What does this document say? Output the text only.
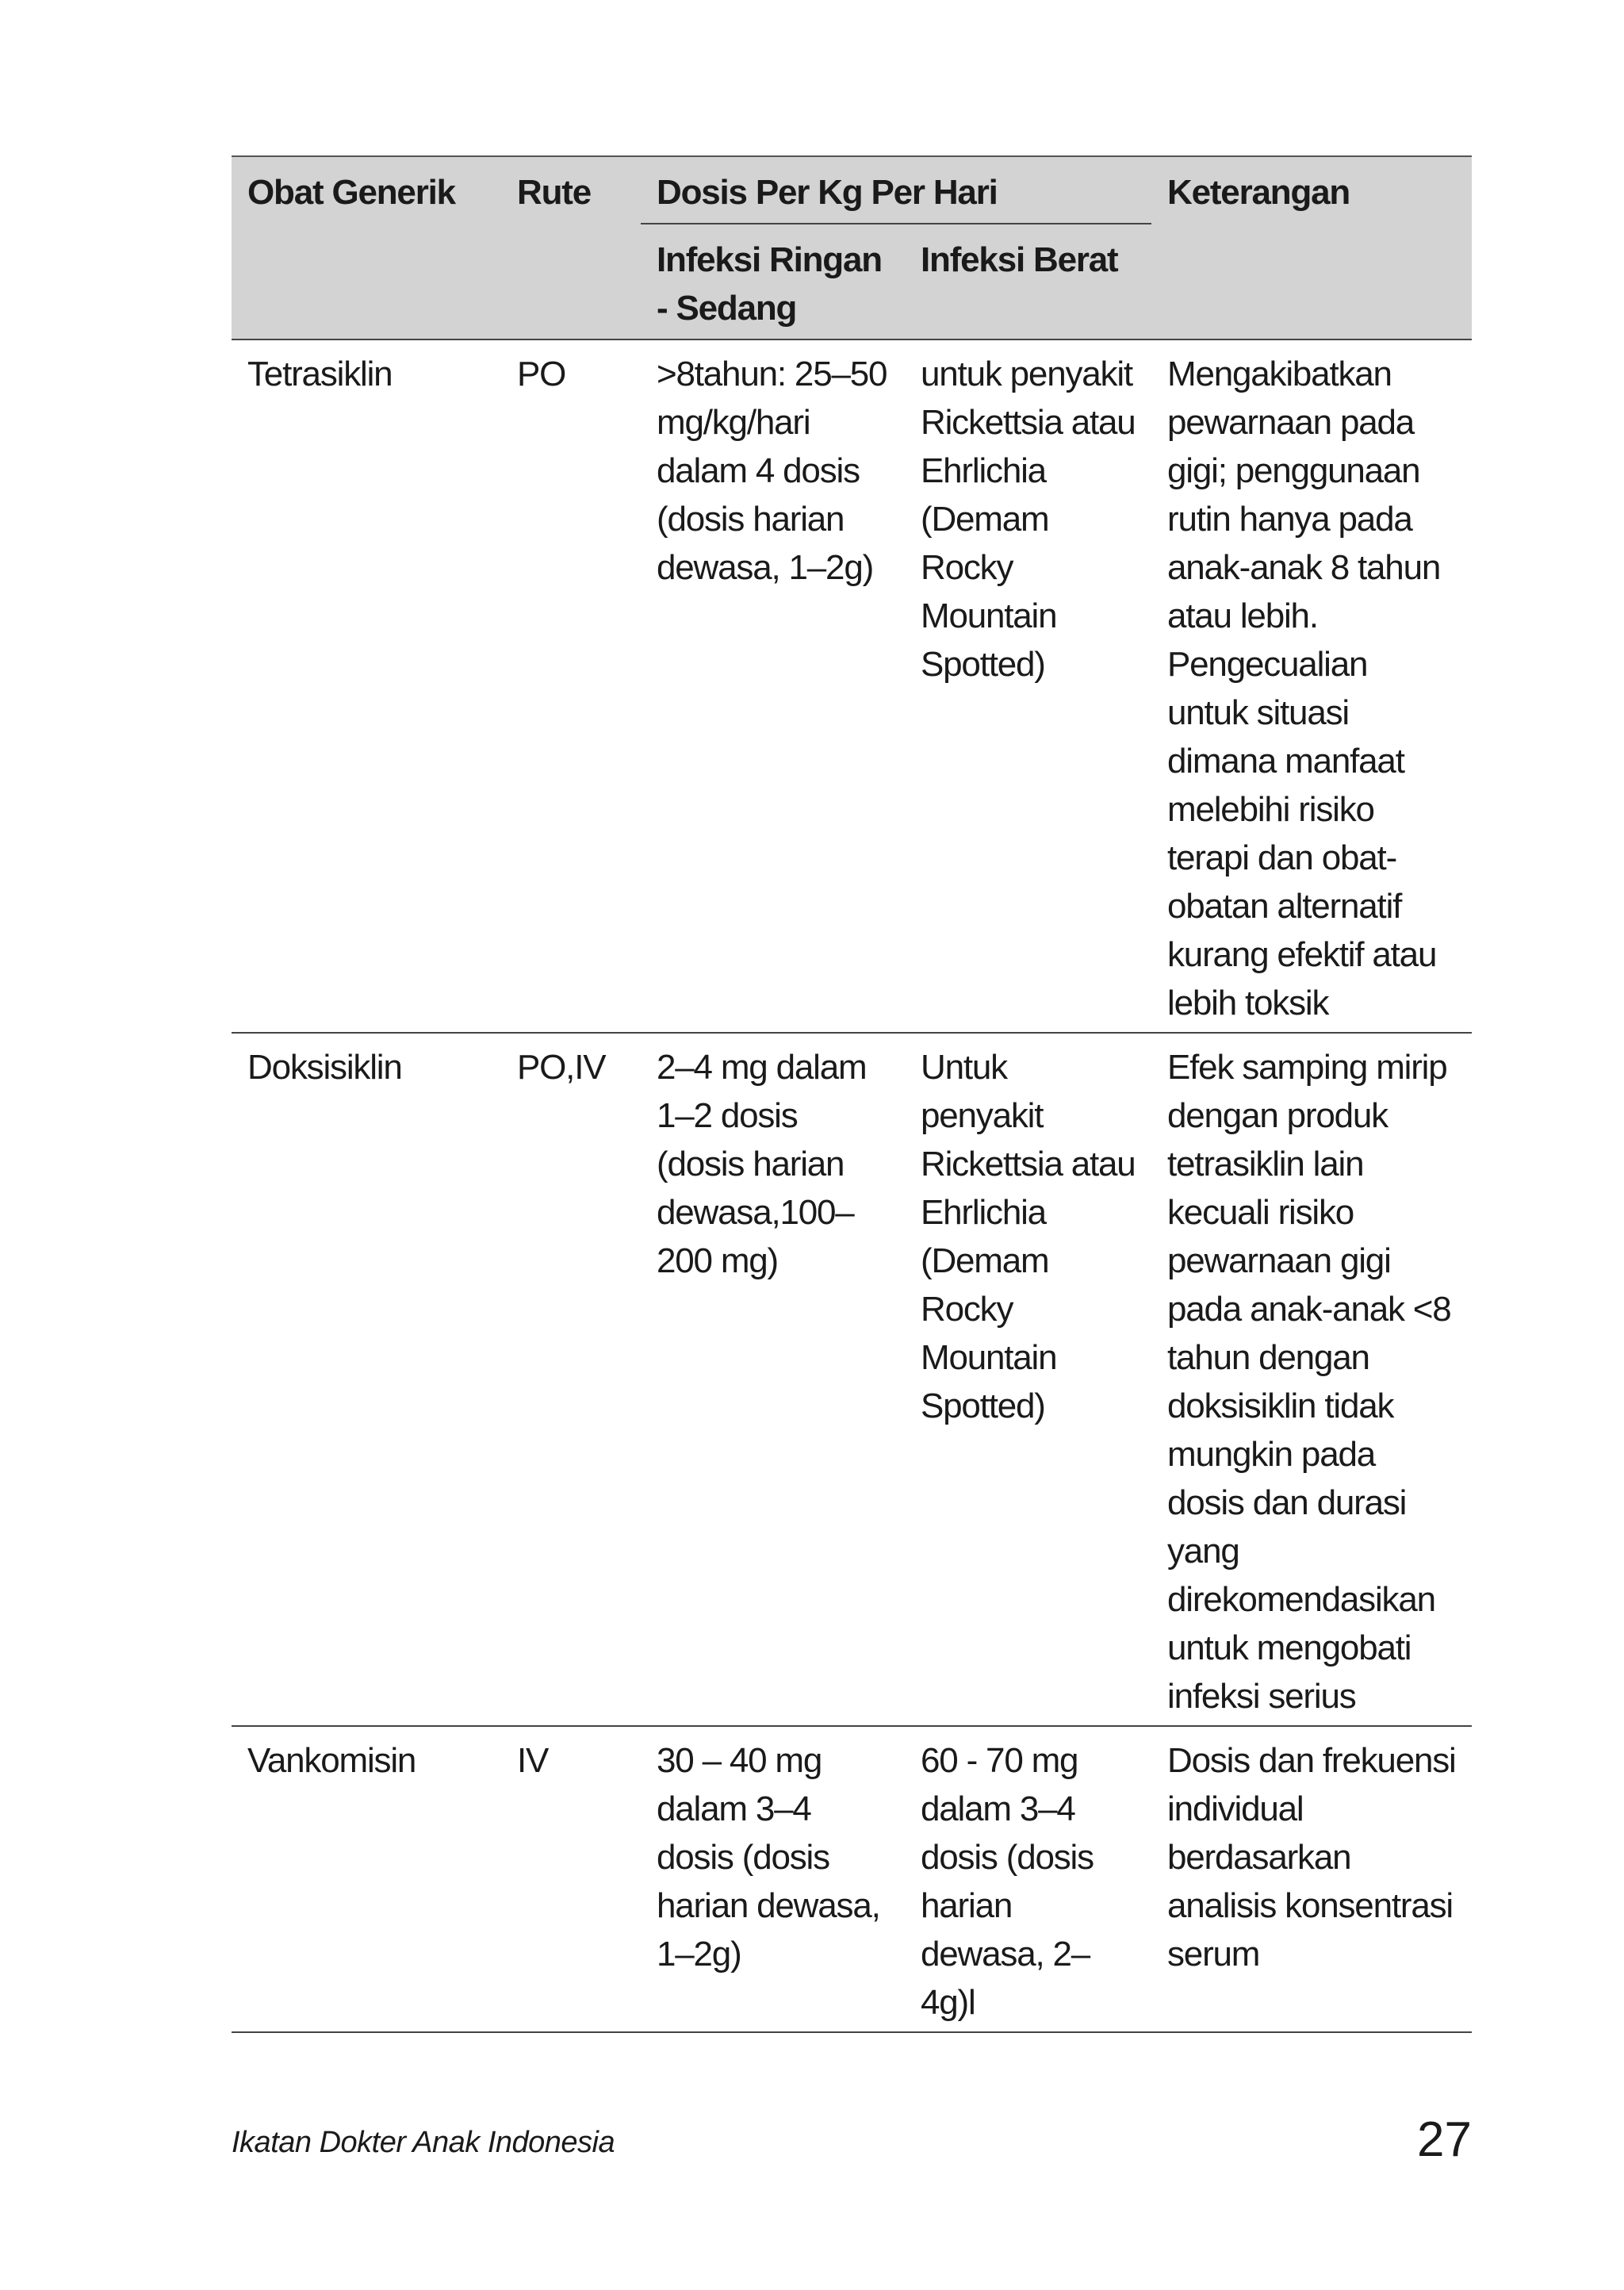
Obat Generik	Rute	Dosis Per Kg Per Hari		Keterangan
		Infeksi Ringan - Sedang	Infeksi Berat	
Tetrasiklin	PO	>8tahun: 25–50 mg/kg/hari dalam 4 dosis (dosis harian dewasa, 1–2g)	untuk penyakit Rickettsia atau Ehrlichia (Demam Rocky Mountain Spotted)	Mengakibatkan pewarnaan pada gigi; penggunaan rutin hanya pada anak-anak 8 tahun atau lebih. Pengecualian untuk situasi dimana manfaat melebihi risiko terapi dan obat-obatan alternatif kurang efektif atau lebih toksik
Doksisiklin	PO,IV	2–4 mg dalam 1–2 dosis (dosis harian dewasa,100–200 mg)	Untuk penyakit Rickettsia atau Ehrlichia (Demam Rocky Mountain Spotted)	Efek samping mirip dengan produk tetrasiklin lain kecuali risiko pewarnaan gigi pada anak-anak <8 tahun dengan doksisiklin tidak mungkin pada dosis dan durasi yang direkomendasikan untuk mengobati infeksi serius
Vankomisin	IV	30 – 40 mg dalam 3–4 dosis (dosis harian dewasa, 1–2g)	60 - 70 mg dalam 3–4 dosis (dosis harian dewasa, 2–4g)l	Dosis dan frekuensi individual berdasarkan analisis konsentrasi serum
Ikatan Dokter Anak Indonesia	27
